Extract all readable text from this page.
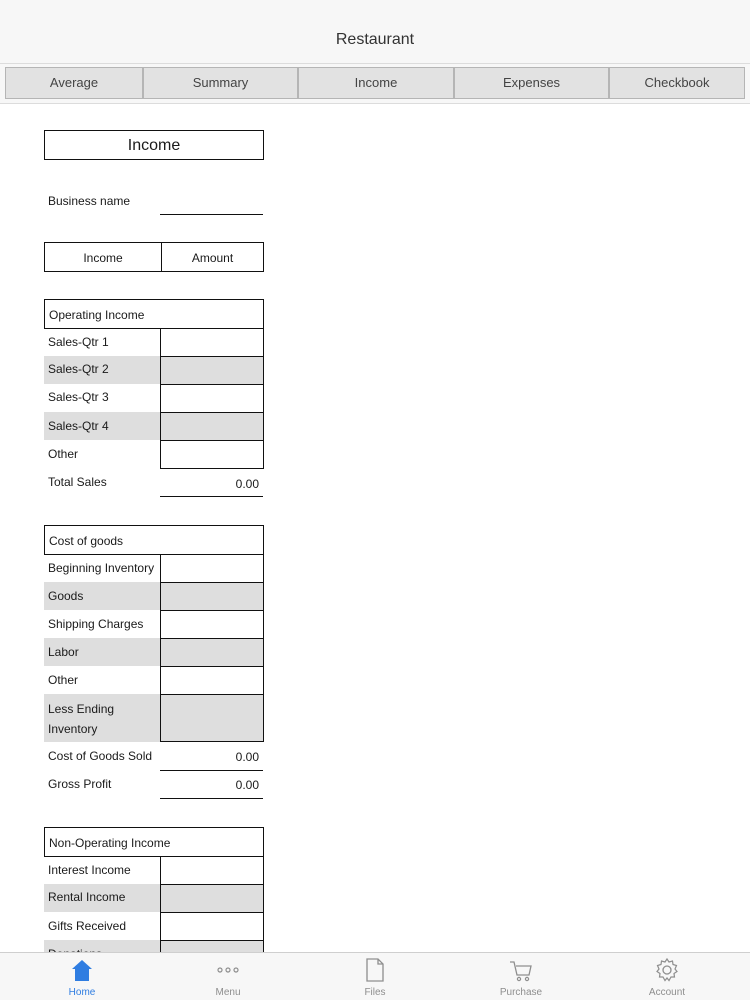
Restaurant
Average	Summary	Income	Expenses	Checkbook
Income
Business name
Income	Amount
Operating Income
Sales-Qtr 1
Sales-Qtr 2
Sales-Qtr 3
Sales-Qtr 4
Other
Total Sales	0.00
Cost of goods
Beginning Inventory
Goods
Shipping Charges
Labor
Other
Less Ending
Inventory
Cost of Goods Sold	0.00
Gross Profit	0.00
Non-Operating Income
Interest Income
Rental Income
Gifts Received
Home	Menu	Files	Purchase	Account
